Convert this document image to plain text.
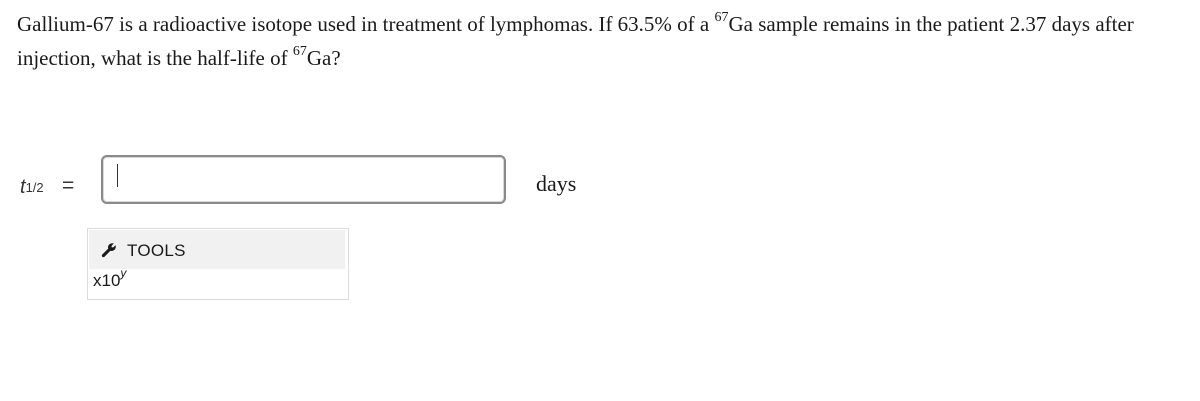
Gallium-67 is a radioactive isotope used in treatment of lymphomas. If 63.5% of a $^{67}$Ga sample remains in the patient 2.37 days after injection, what is the half-life of $^{67}$Ga?
$t_{1/2}$ =	days
TOOLS
x10$^y$
